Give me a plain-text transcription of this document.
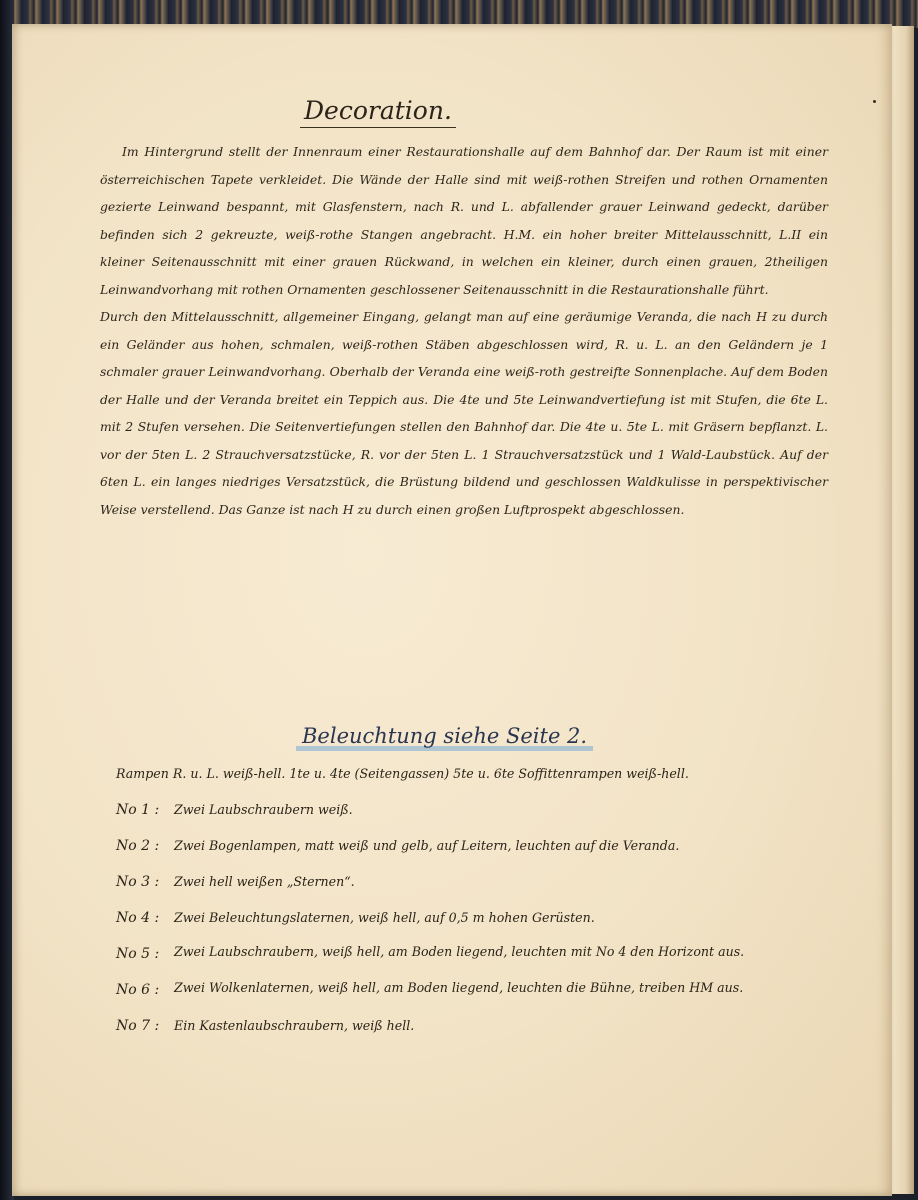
Decoration.

Im Hintergrund stellt der Innenraum einer Restaurationshalle auf dem Bahnhof dar. Der Raum ist mit einer österreichischen Tapete verkleidet. Die Wände der Halle sind mit weiß-rothen Streifen und rothen Ornamenten gezierte Leinwand bespannt, mit Glasfenstern, nach R. und L. abfallender grauer Leinwand gedeckt, darüber befinden sich 2 gekreuzte, weiß-rothe Stangen angebracht. H.M. ein hoher breiter Mittelausschnitt, L.II ein kleiner Seitenausschnitt mit einer grauen Rückwand, in welchen ein kleiner, durch einen grauen, 2theiligen Leinwandvorhang mit rothen Ornamenten geschlossener Seitenausschnitt in die Restaurationshalle führt.

Durch den Mittelausschnitt, allgemeiner Eingang, gelangt man auf eine geräumige Veranda, die nach H zu durch ein Geländer aus hohen, schmalen, weiß-rothen Stäben abgeschlossen wird, R. u. L. an den Geländern je 1 schmaler grauer Leinwandvorhang. Oberhalb der Veranda eine weiß-roth gestreifte Sonnenplache. Auf dem Boden der Halle und der Veranda breitet ein Teppich aus. Die 4te und 5te Leinwandvertiefung ist mit Stufen, die 6te L. mit 2 Stufen versehen. Die Seitenvertiefungen stellen den Bahnhof dar. Die 4te u. 5te L. mit Gräsern bepflanzt. L. vor der 5ten L. 2 Strauchversatzstücke, R. vor der 5ten L. 1 Strauchversatzstück und 1 Wald-Laubstück. Auf der 6ten L. ein langes niedriges Versatzstück, die Brüstung bildend und geschlossen Waldkulisse in perspektivischer Weise verstellend. Das Ganze ist nach H zu durch einen großen Luftprospekt abgeschlossen.

Beleuchtung siehe Seite 2.
Rampen R. u. L. weiß-hell. 1te u. 4te (Seitengassen) 5te u. 6te Soffittenrampen weiß-hell.
No 1 :	Zwei Laubschraubern weiß.
No 2 :	Zwei Bogenlampen, matt weiß und gelb, auf Leitern, leuchten auf die Veranda.
No 3 :	Zwei hell weißen „Sternen“.
No 4 :	Zwei Beleuchtungslaternen, weiß hell, auf 0,5 m hohen Gerüsten.
No 5 :	Zwei Laubschraubern, weiß hell, am Boden liegend, leuchten mit No 4 den Horizont aus.
No 6 :	Zwei Wolkenlaternen, weiß hell, am Boden liegend, leuchten die Bühne, treiben HM aus.
No 7 :	Ein Kastenlaubschraubern, weiß hell.
